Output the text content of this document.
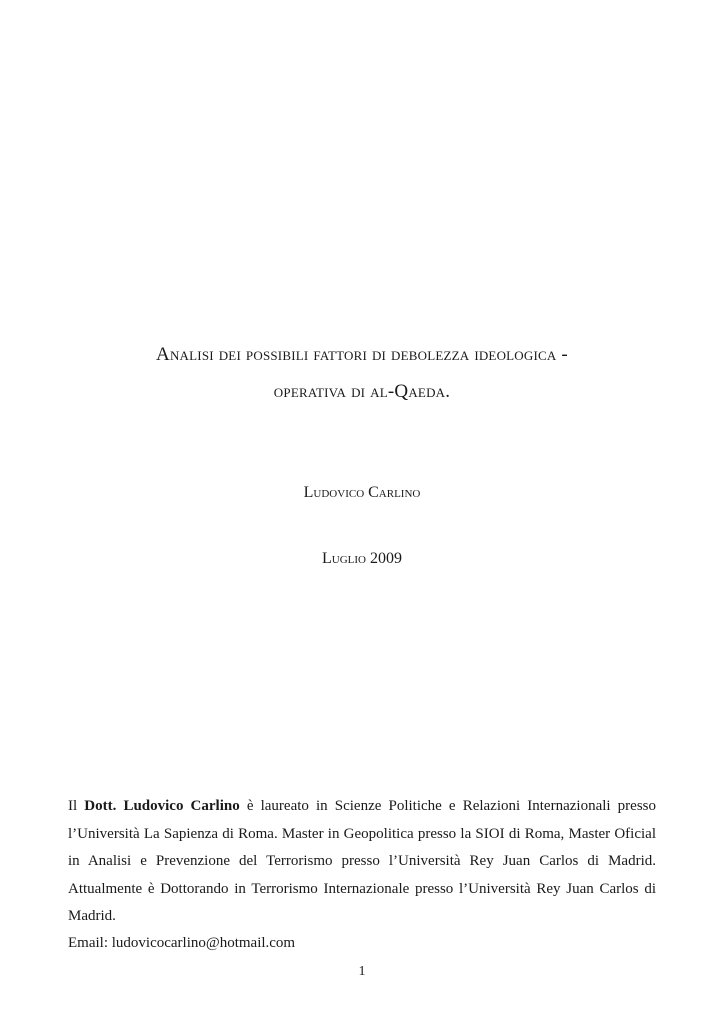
Analisi dei possibili fattori di debolezza ideologica -
operativa di al-Qaeda.
Ludovico Carlino
Luglio 2009

Il Dott. Ludovico Carlino è laureato in Scienze Politiche e Relazioni Internazionali presso l’Università La Sapienza di Roma. Master in Geopolitica presso la SIOI di Roma, Master Oficial in Analisi e Prevenzione del Terrorismo presso l’Università Rey Juan Carlos di Madrid. Attualmente è Dottorando in Terrorismo Internazionale presso l’Università Rey Juan Carlos di Madrid.

Email: ludovicocarlino@hotmail.com
1
